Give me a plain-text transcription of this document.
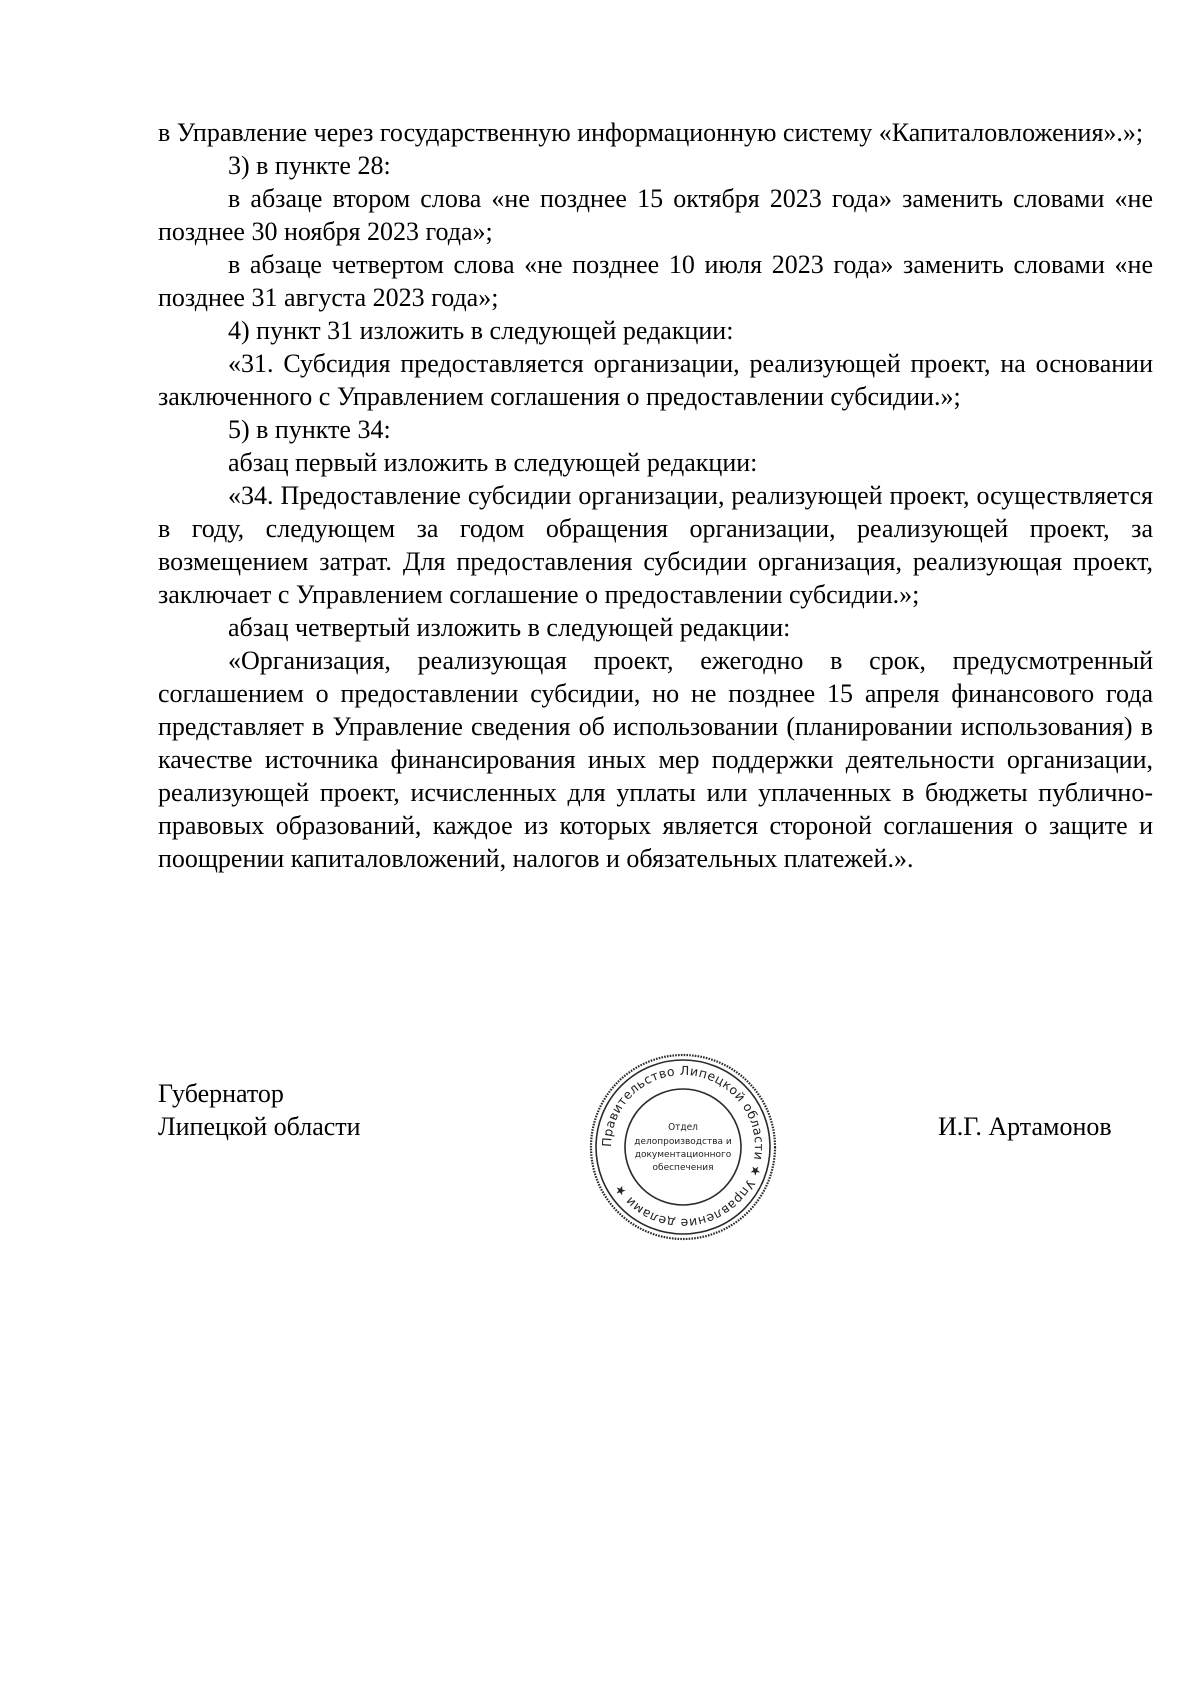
в Управление через государственную информационную систему «Капиталовложения».»;

3) в пункте 28:

в абзаце втором слова «не позднее 15 октября 2023 года» заменить словами «не позднее 30 ноября 2023 года»;

в абзаце четвертом слова «не позднее 10 июля 2023 года» заменить словами «не позднее 31 августа 2023 года»;

4) пункт 31 изложить в следующей редакции:

«31. Субсидия предоставляется организации, реализующей проект, на основании заключенного с Управлением соглашения о предоставлении субсидии.»;

5) в пункте 34:

абзац первый изложить в следующей редакции:

«34. Предоставление субсидии организации, реализующей проект, осуществляется в году, следующем за годом обращения организации, реализующей проект, за возмещением затрат. Для предоставления субсидии организация, реализующая проект, заключает с Управлением соглашение о предоставлении субсидии.»;

абзац четвертый изложить в следующей редакции:

«Организация, реализующая проект, ежегодно в срок, предусмотренный соглашением о предоставлении субсидии, но не позднее 15 апреля финансового года представляет в Управление сведения об использовании (планировании использования) в качестве источника финансирования иных мер поддержки деятельности организации, реализующей проект, исчисленных для уплаты или уплаченных в бюджеты публично-правовых образований, каждое из которых является стороной соглашения о защите и поощрении капиталовложений, налогов и обязательных платежей.».

Губернатор
Липецкой области
Правительство Липецкой области ★ Управление делами ★
Отдел
делопроизводства и
документационного
обеспечения
И.Г. Артамонов
